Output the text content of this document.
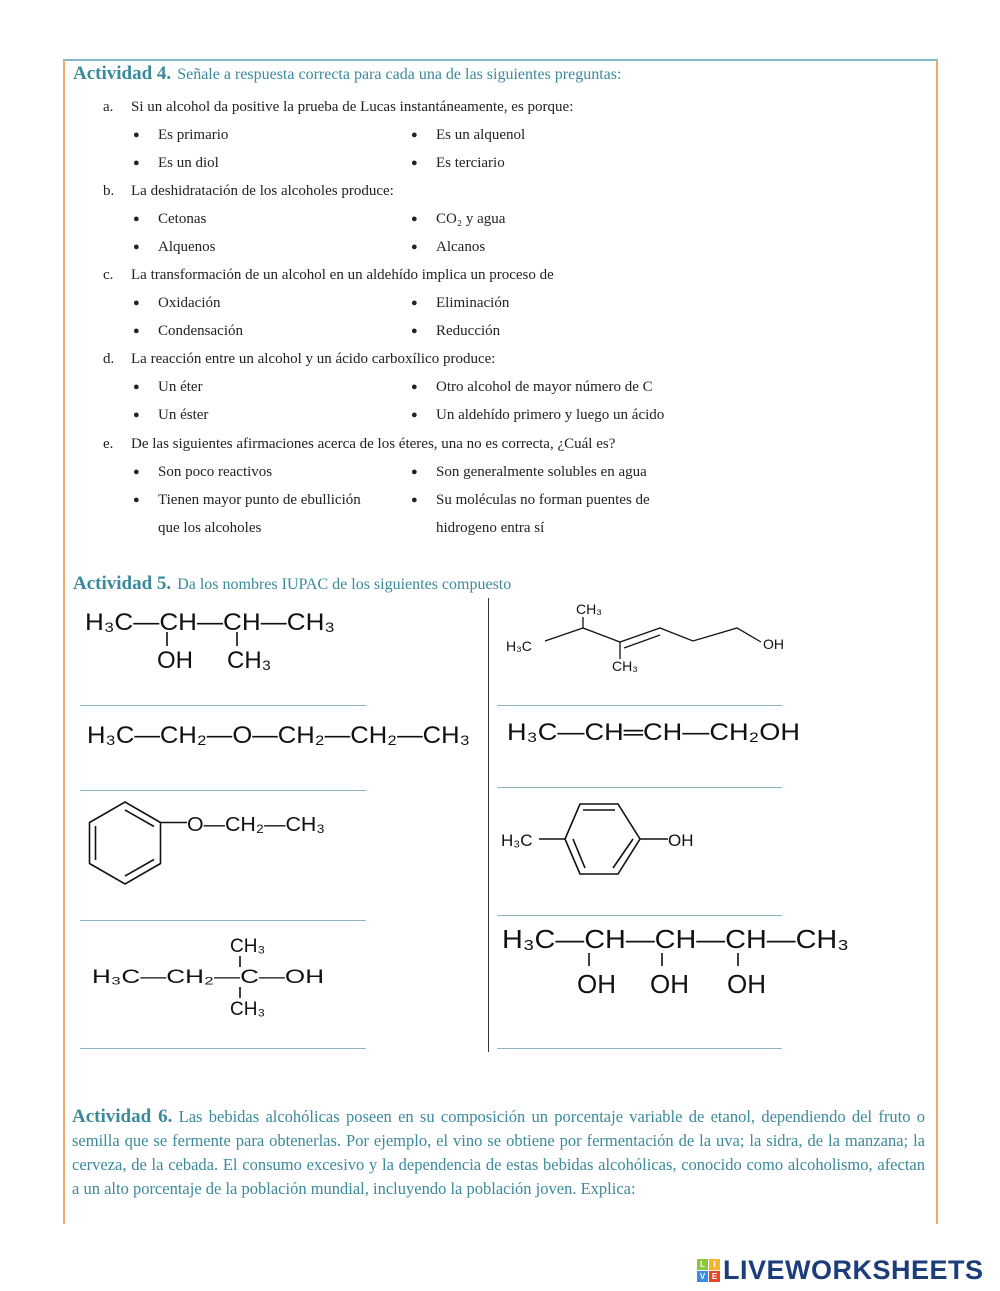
Actividad 4. Señale a respuesta correcta para cada una de las siguientes preguntas:
a. Si un alcohol da positive la prueba de Lucas instantáneamente, es porque:
● Es primario	● Es un alquenol
● Es un diol	● Es terciario
b. La deshidratación de los alcoholes produce:
● Cetonas	● CO₂ y agua
● Alquenos	● Alcanos
c. La transformación de un alcohol en un aldehído implica un proceso de
● Oxidación	● Eliminación
● Condensación	● Reducción
d. La reacción entre un alcohol y un ácido carboxílico produce:
● Un éter	● Otro alcohol de mayor número de C
● Un éster	● Un aldehído primero y luego un ácido
e. De las siguientes afirmaciones acerca de los éteres, una no es correcta, ¿Cuál es?
● Son poco reactivos	● Son generalmente solubles en agua
● Tienen mayor punto de ebullición	● Su moléculas no forman puentes de
que los alcoholes	hidrogeno entra sí
Actividad 5. Da los nombres IUPAC de los siguientes compuesto
H₃C—CH—CH—CH₃
OH CH₃
H₃C—CH₂—O—CH₂—CH₂—CH₃
O—CH₂—CH₃
CH₃
H₃C—CH₂—C—OH
CH₃
H₃C
CH₃
CH₃
OH
H₃C—CH═CH—CH₂OH
H₃C	OH
H₃C—CH—CH—CH—CH₃
OH OH OH
Actividad 6. Las bebidas alcohólicas poseen en su composición un porcentaje variable de etanol, dependiendo del fruto o semilla que se fermente para obtenerlas. Por ejemplo, el vino se obtiene por fermentación de la uva; la sidra, de la manzana; la cerveza, de la cebada. El consumo excesivo y la dependencia de estas bebidas alcohólicas, conocido como alcoholismo, afectan a un alto porcentaje de la población mundial, incluyendo la población joven. Explica:
L	I
V E LIVEWORKSHEETS
